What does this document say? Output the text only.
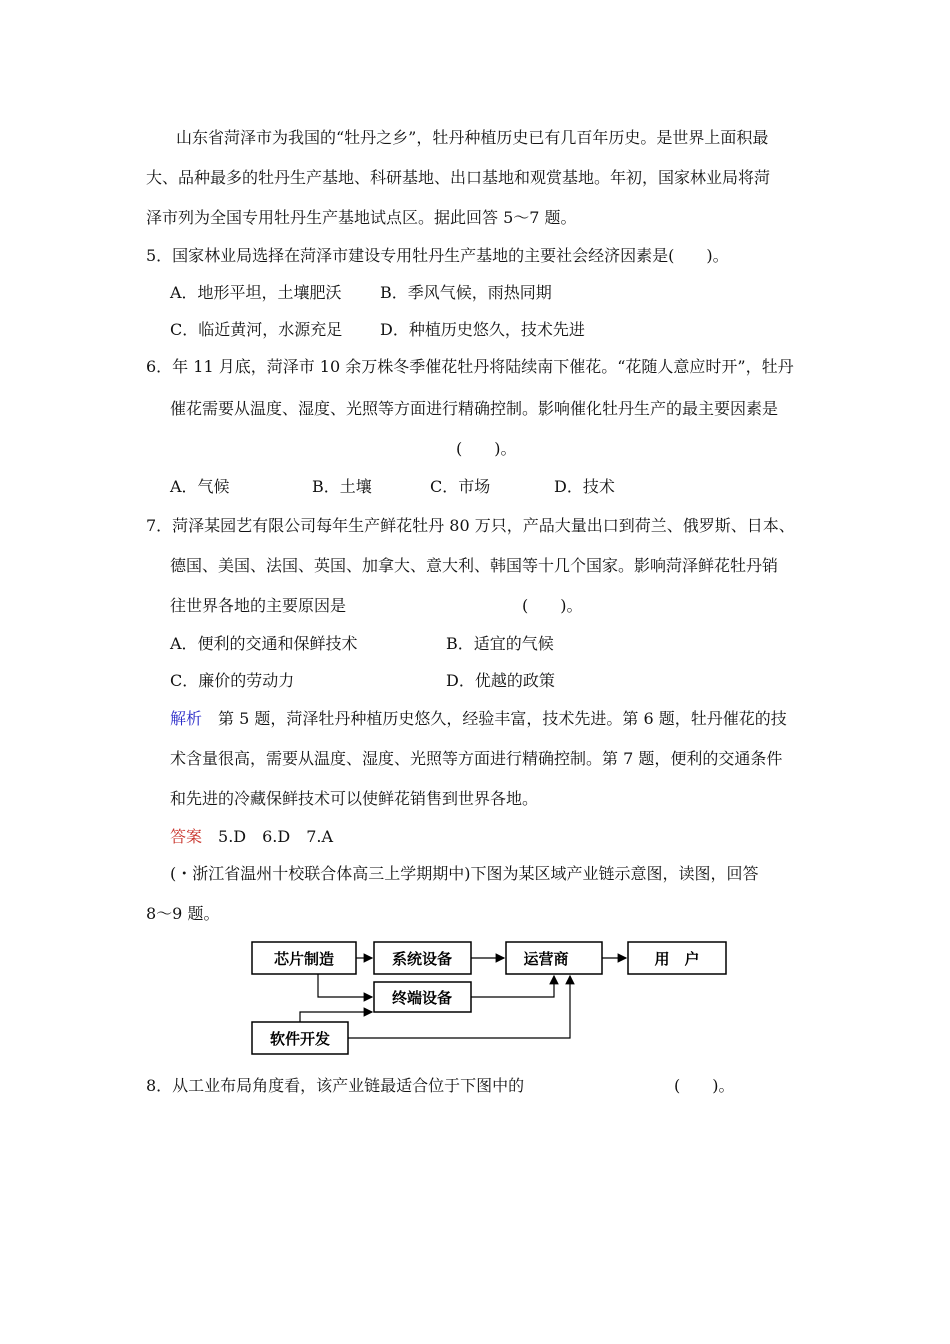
山东省菏泽市为我国的“牡丹之乡”，牡丹种植历史已有几百年历史。是世界上面积最
大、品种最多的牡丹生产基地、科研基地、出口基地和观赏基地。年初，国家林业局将菏
泽市列为全国专用牡丹生产基地试点区。据此回答 5～7 题。
5．国家林业局选择在菏泽市建设专用牡丹生产基地的主要社会经济因素是(　　)。
A．地形平坦，土壤肥沃 B．季风气候，雨热同期
C．临近黄河，水源充足 D．种植历史悠久，技术先进
6．年 11 月底，菏泽市 10 余万株冬季催花牡丹将陆续南下催花。“花随人意应时开”，牡丹
催花需要从温度、湿度、光照等方面进行精确控制。影响催化牡丹生产的最主要因素是
(　　)。
A．气候	B．土壤	C．市场	D．技术
7．菏泽某园艺有限公司每年生产鲜花牡丹 80 万只，产品大量出口到荷兰、俄罗斯、日本、
德国、美国、法国、英国、加拿大、意大利、韩国等十几个国家。影响菏泽鲜花牡丹销
往世界各地的主要原因是	(　　)。
A．便利的交通和保鲜技术	B．适宜的气候
C．廉价的劳动力	D．优越的政策
解析 第 5 题，菏泽牡丹种植历史悠久，经验丰富，技术先进。第 6 题，牡丹催花的技
术含量很高，需要从温度、湿度、光照等方面进行精确控制。第 7 题，便利的交通条件
和先进的冷藏保鲜技术可以使鲜花销售到世界各地。
答案 5.D　6.D　7.A
(・浙江省温州十校联合体高三上学期期中)下图为某区域产业链示意图，读图，回答
8～9 题。
芯片制造	系统设备	运营商	用　户
终端设备
软件开发
8．从工业布局角度看，该产业链最适合位于下图中的	(　　)。
